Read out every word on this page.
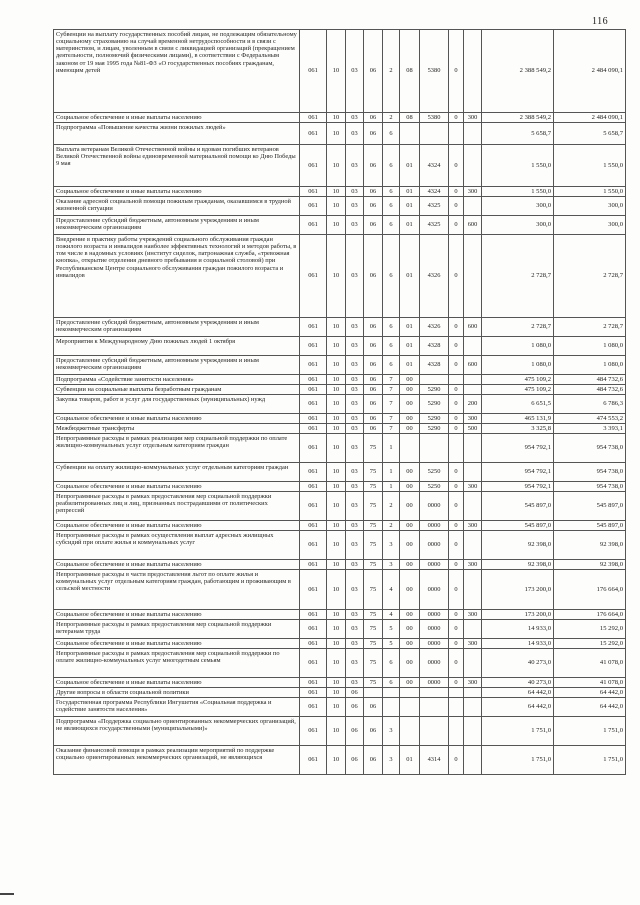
116
Субвенции на выплату государственных пособий лицам, не подлежащим обязательному социальному страхованию на случай временной нетрудоспособности и в связи с материнством, и лицам, уволенным в связи с ликвидацией организаций (прекращением деятельности, полномочий физическими лицами), в соответствии с Федеральным законом от 19 мая 1995 года №81-ФЗ «О государственных пособиях гражданам, имеющим детей	061	10	03	06	2	08	5380	0		2 388 549,2	2 484 090,1
Социальное обеспечение и иные выплаты населению	061	10	03	06	2	08	5380	0	300	2 388 549,2	2 484 090,1
Подпрограмма «Повышение качества жизни пожилых людей»	061	10	03	06	6					5 658,7	5 658,7
Выплата ветеранам Великой Отечественной войны и вдовам погибших ветеранов Великой Отечественной войны единовременной материальной помощи ко Дню Победы 9 мая	061	10	03	06	6	01	4324	0		1 550,0	1 550,0
Социальное обеспечение и иные выплаты населению	061	10	03	06	6	01	4324	0	300	1 550,0	1 550,0
Оказание адресной социальной помощи пожилым гражданам, оказавшимся в трудной жизненной ситуации	061	10	03	06	6	01	4325	0		300,0	300,0
Предоставление субсидий бюджетным, автономным учреждениям и иным некоммерческим организациям	061	10	03	06	6	01	4325	0	600	300,0	300,0
Внедрение в практику работы учреждений социального обслуживания граждан пожилого возраста и инвалидов наиболее эффективных технологий и методов работы, в том числе в надомных условиях (институт сиделок, патронажная служба, «тревожная кнопка», открытие отделения дневного пребывания и социальной столовой) при Республиканском Центре социального обслуживания граждан пожилого возраста и инвалидов	061	10	03	06	6	01	4326	0		2 728,7	2 728,7
Предоставление субсидий бюджетным, автономным учреждениям и иным некоммерческим организациям	061	10	03	06	6	01	4326	0	600	2 728,7	2 728,7
Мероприятия к Международному Дню пожилых людей 1 октября	061	10	03	06	6	01	4328	0		1 080,0	1 080,0
Предоставление субсидий бюджетным, автономным учреждениям и иным некоммерческим организациям	061	10	03	06	6	01	4328	0	600	1 080,0	1 080,0
Подпрограмма «Содействие занятости населения»	061	10	03	06	7	00				475 109,2	484 732,6
Субвенции на социальные выплаты безработным гражданам	061	10	03	06	7	00	5290	0		475 109,2	484 732,6
Закупка товаров, работ и услуг для государственных (муниципальных) нужд	061	10	03	06	7	00	5290	0	200	6 651,5	6 786,3
Социальное обеспечение и иные выплаты населению	061	10	03	06	7	00	5290	0	300	465 131,9	474 553,2
Межбюджетные трансферты	061	10	03	06	7	00	5290	0	500	3 325,8	3 393,1
Непрограммные расходы в рамках реализации мер социальной поддержки по оплате жилищно-коммунальных услуг отдельным категориям граждан	061	10	03	75	1					954 792,1	954 738,0
Субвенции на оплату жилищно-коммунальных услуг отдельным категориям граждан	061	10	03	75	1	00	5250	0		954 792,1	954 738,0
Социальное обеспечение и иные выплаты населению	061	10	03	75	1	00	5250	0	300	954 792,1	954 738,0
Непрограммные расходы в рамках предоставления мер социальной поддержки реабилитированных лиц и лиц, признанных пострадавшими от политических репрессий	061	10	03	75	2	00	0000	0		545 897,0	545 897,0
Социальное обеспечение и иные выплаты населению	061	10	03	75	2	00	0000	0	300	545 897,0	545 897,0
Непрограммные расходы в рамках осуществления выплат адресных жилищных субсидий при оплате жилья и коммунальных услуг	061	10	03	75	3	00	0000	0		92 398,0	92 398,0
Социальное обеспечение и иные выплаты населению	061	10	03	75	3	00	0000	0	300	92 398,0	92 398,0
Непрограммные расходы в части предоставления льгот по оплате жилья и коммунальных услуг отдельным категориям граждан, работающим и проживающим в сельской местности	061	10	03	75	4	00	0000	0		173 200,0	176 664,0
Социальное обеспечение и иные выплаты населению	061	10	03	75	4	00	0000	0	300	173 200,0	176 664,0
Непрограммные расходы в рамках предоставления мер социальной поддержки ветеранам труда	061	10	03	75	5	00	0000	0		14 933,0	15 292,0
Социальное обеспечение и иные выплаты населению	061	10	03	75	5	00	0000	0	300	14 933,0	15 292,0
Непрограммные расходы в рамках предоставления мер социальной поддержки по оплате жилищно-коммунальных услуг многодетным семьям	061	10	03	75	6	00	0000	0		40 273,0	41 078,0
Социальное обеспечение и иные выплаты населению	061	10	03	75	6	00	0000	0	300	40 273,0	41 078,0
Другие вопросы в области социальной политики	061	10	06							64 442,0	64 442,0
Государственная программа Республики Ингушетия «Социальная поддержка и содействие занятости населения»	061	10	06	06						64 442,0	64 442,0
Подпрограмма «Поддержка социально ориентированных некоммерческих организаций, не являющихся государственными (муниципальными)»	061	10	06	06	3					1 751,0	1 751,0
Оказание финансовой помощи в рамках реализации мероприятий по поддержке социально ориентированных некоммерческих организаций, не являющихся	061	10	06	06	3	01	4314	0		1 751,0	1 751,0
